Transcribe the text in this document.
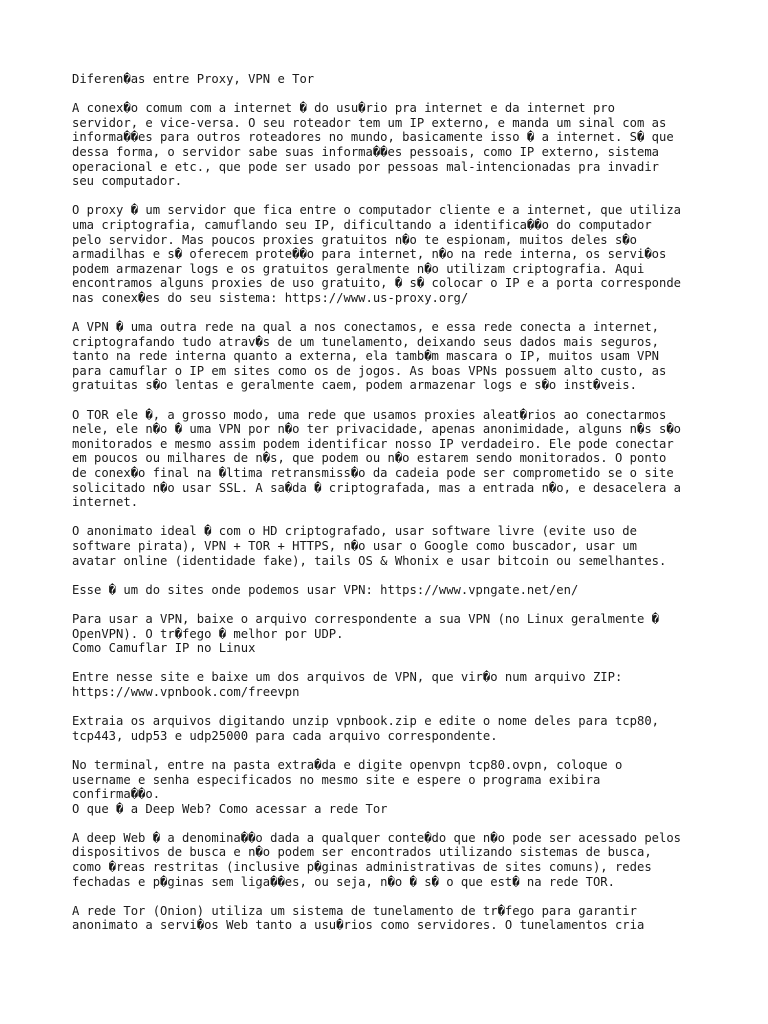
Diferen�as entre Proxy, VPN e Tor
A conex�o comum com a internet � do usu�rio pra internet e da internet pro
servidor, e vice-versa. O seu roteador tem um IP externo, e manda um sinal com as
informa��es para outros roteadores no mundo, basicamente isso � a internet. S� que
dessa forma, o servidor sabe suas informa��es pessoais, como IP externo, sistema
operacional e etc., que pode ser usado por pessoas mal-intencionadas pra invadir
seu computador.
O proxy � um servidor que fica entre o computador cliente e a internet, que utiliza
uma criptografia, camuflando seu IP, dificultando a identifica��o do computador
pelo servidor. Mas poucos proxies gratuitos n�o te espionam, muitos deles s�o
armadilhas e s� oferecem prote��o para internet, n�o na rede interna, os servi�os
podem armazenar logs e os gratuitos geralmente n�o utilizam criptografia. Aqui
encontramos alguns proxies de uso gratuito, � s� colocar o IP e a porta corresponde
nas conex�es do seu sistema: https://www.us-proxy.org/
A VPN � uma outra rede na qual a nos conectamos, e essa rede conecta a internet,
criptografando tudo atrav�s de um tunelamento, deixando seus dados mais seguros,
tanto na rede interna quanto a externa, ela tamb�m mascara o IP, muitos usam VPN
para camuflar o IP em sites como os de jogos. As boas VPNs possuem alto custo, as
gratuitas s�o lentas e geralmente caem, podem armazenar logs e s�o inst�veis.
O TOR ele �, a grosso modo, uma rede que usamos proxies aleat�rios ao conectarmos
nele, ele n�o � uma VPN por n�o ter privacidade, apenas anonimidade, alguns n�s s�o
monitorados e mesmo assim podem identificar nosso IP verdadeiro. Ele pode conectar
em poucos ou milhares de n�s, que podem ou n�o estarem sendo monitorados. O ponto
de conex�o final na �ltima retransmiss�o da cadeia pode ser comprometido se o site
solicitado n�o usar SSL. A sa�da � criptografada, mas a entrada n�o, e desacelera a
internet.
O anonimato ideal � com o HD criptografado, usar software livre (evite uso de
software pirata), VPN + TOR + HTTPS, n�o usar o Google como buscador, usar um
avatar online (identidade fake), tails OS & Whonix e usar bitcoin ou semelhantes.
Esse � um do sites onde podemos usar VPN: https://www.vpngate.net/en/
Para usar a VPN, baixe o arquivo correspondente a sua VPN (no Linux geralmente �
OpenVPN). O tr�fego � melhor por UDP.
Como Camuflar IP no Linux
Entre nesse site e baixe um dos arquivos de VPN, que vir�o num arquivo ZIP:
https://www.vpnbook.com/freevpn
Extraia os arquivos digitando unzip vpnbook.zip e edite o nome deles para tcp80,
tcp443, udp53 e udp25000 para cada arquivo correspondente.
No terminal, entre na pasta extra�da e digite openvpn tcp80.ovpn, coloque o
username e senha especificados no mesmo site e espere o programa exibira
confirma��o.
O que � a Deep Web? Como acessar a rede Tor
A deep Web � a denomina��o dada a qualquer conte�do que n�o pode ser acessado pelos
dispositivos de busca e n�o podem ser encontrados utilizando sistemas de busca,
como �reas restritas (inclusive p�ginas administrativas de sites comuns), redes
fechadas e p�ginas sem liga��es, ou seja, n�o � s� o que est� na rede TOR.
A rede Tor (Onion) utiliza um sistema de tunelamento de tr�fego para garantir
anonimato a servi�os Web tanto a usu�rios como servidores. O tunelamentos cria
